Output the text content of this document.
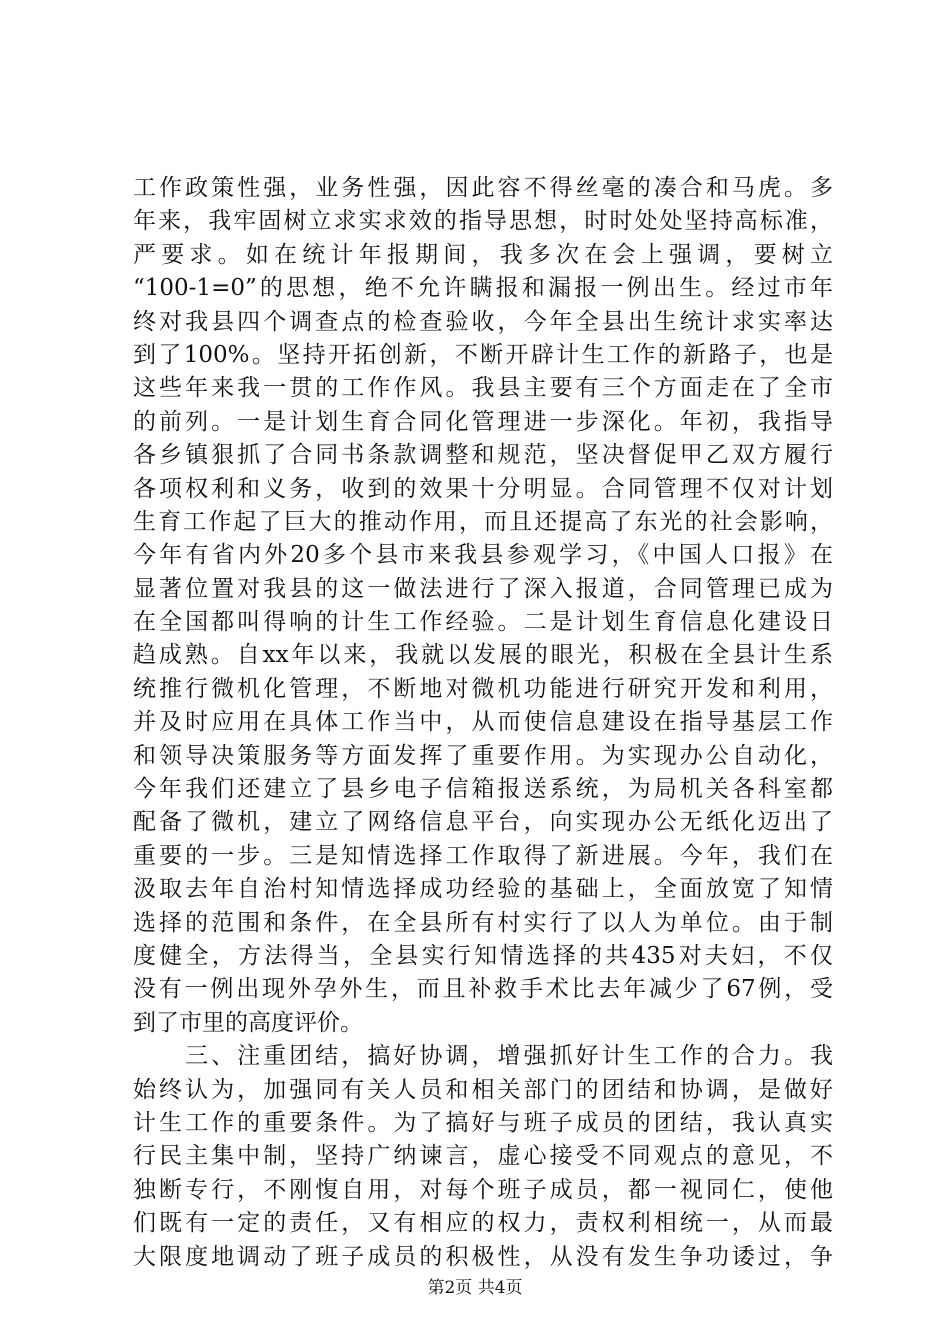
工作政策性强，业务性强，因此容不得丝毫的凑合和马虎。多
年来，我牢固树立求实求效的指导思想，时时处处坚持高标准，
严要求。如在统计年报期间，我多次在会上强调，要树立
“100-1=0”的思想，绝不允许瞒报和漏报一例出生。经过市年
终对我县四个调查点的检查验收，今年全县出生统计求实率达
到了100%。坚持开拓创新，不断开辟计生工作的新路子，也是
这些年来我一贯的工作作风。我县主要有三个方面走在了全市
的前列。一是计划生育合同化管理进一步深化。年初，我指导
各乡镇狠抓了合同书条款调整和规范，坚决督促甲乙双方履行
各项权利和义务，收到的效果十分明显。合同管理不仅对计划
生育工作起了巨大的推动作用，而且还提高了东光的社会影响，
今年有省内外20多个县市来我县参观学习，《中国人口报》在
显著位置对我县的这一做法进行了深入报道，合同管理已成为
在全国都叫得响的计生工作经验。二是计划生育信息化建设日
趋成熟。自xx年以来，我就以发展的眼光，积极在全县计生系
统推行微机化管理，不断地对微机功能进行研究开发和利用，
并及时应用在具体工作当中，从而使信息建设在指导基层工作
和领导决策服务等方面发挥了重要作用。为实现办公自动化，
今年我们还建立了县乡电子信箱报送系统，为局机关各科室都
配备了微机，建立了网络信息平台，向实现办公无纸化迈出了
重要的一步。三是知情选择工作取得了新进展。今年，我们在
汲取去年自治村知情选择成功经验的基础上，全面放宽了知情
选择的范围和条件，在全县所有村实行了以人为单位。由于制
度健全，方法得当，全县实行知情选择的共435对夫妇，不仅
没有一例出现外孕外生，而且补救手术比去年减少了67例，受
到了市里的高度评价。
　　三、注重团结，搞好协调，增强抓好计生工作的合力。我
始终认为，加强同有关人员和相关部门的团结和协调，是做好
计生工作的重要条件。为了搞好与班子成员的团结，我认真实
行民主集中制，坚持广纳谏言，虚心接受不同观点的意见，不
独断专行，不刚愎自用，对每个班子成员，都一视同仁，使他
们既有一定的责任，又有相应的权力，责权利相统一，从而最
大限度地调动了班子成员的积极性，从没有发生争功诿过，争
第2页 共4页
